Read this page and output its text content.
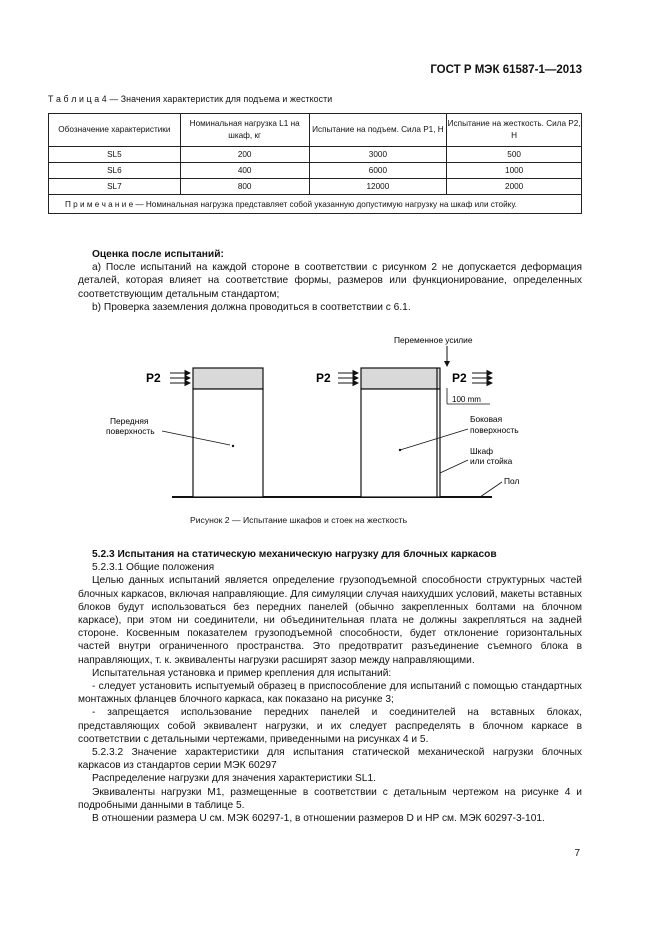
ГОСТ Р МЭК 61587-1—2013
Т а б л и ц а 4 — Значения характеристик для подъема и жесткости
Обозначение характеристики	Номинальная нагрузка L1 на шкаф, кг	Испытание на подъем. Сила P1, H	Испытание на жесткость. Сила P2, H
SL5	200	3000	500
SL6	400	6000	1000
SL7	800	12000	2000
П р и м е ч а н и е — Номинальная нагрузка представляет собой указанную допустимую нагрузку на шкаф или стойку.			

Оценка после испытаний:

a) После испытаний на каждой стороне в соответствии с рисунком 2 не допускается деформация деталей, которая влияет на соответствие формы, размеров или функционирование, определенных соответствующим детальным стандартом;

b) Проверка заземления должна проводиться в соответствии с 6.1.

P2
Передняя
поверхность
P2
Переменное усилие
P2
100 mm
Боковая
поверхность
Шкаф
или стойка
Пол
Рисунок 2 — Испытание шкафов и стоек на жесткость

5.2.3 Испытания на статическую механическую нагрузку для блочных каркасов

5.2.3.1 Общие положения

Целью данных испытаний является определение грузоподъемной способности структурных частей блочных каркасов, включая направляющие. Для симуляции случая наихудших условий, макеты вставных блоков будут использоваться без передних панелей (обычно закрепленных болтами на блочном каркасе), при этом ни соединители, ни объединительная плата не должны закрепляться на задней стороне. Косвенным показателем грузоподъемной способности, будет отклонение горизонтальных частей внутри ограниченного пространства. Это предотвратит разъединение съемного блока в направляющих, т. к. эквиваленты нагрузки расширят зазор между направляющими.

Испытательная установка и пример крепления для испытаний:

- следует установить испытуемый образец в приспособление для испытаний с помощью стандартных монтажных фланцев блочного каркаса, как показано на рисунке 3;

- запрещается использование передних панелей и соединителей на вставных блоках, представляющих собой эквивалент нагрузки, и их следует распределять в блочном каркасе в соответствии с детальными чертежами, приведенными на рисунках 4 и 5.

5.2.3.2 Значение характеристики для испытания статической механической нагрузки блочных каркасов из стандартов серии МЭК 60297

Распределение нагрузки для значения характеристики SL1.

Эквиваленты нагрузки М1, размещенные в соответствии с детальным чертежом на рисунке 4 и подробными данными в таблице 5.

В отношении размера U см. МЭК 60297-1, в отношении размеров D и HP см. МЭК 60297-3-101.

7
